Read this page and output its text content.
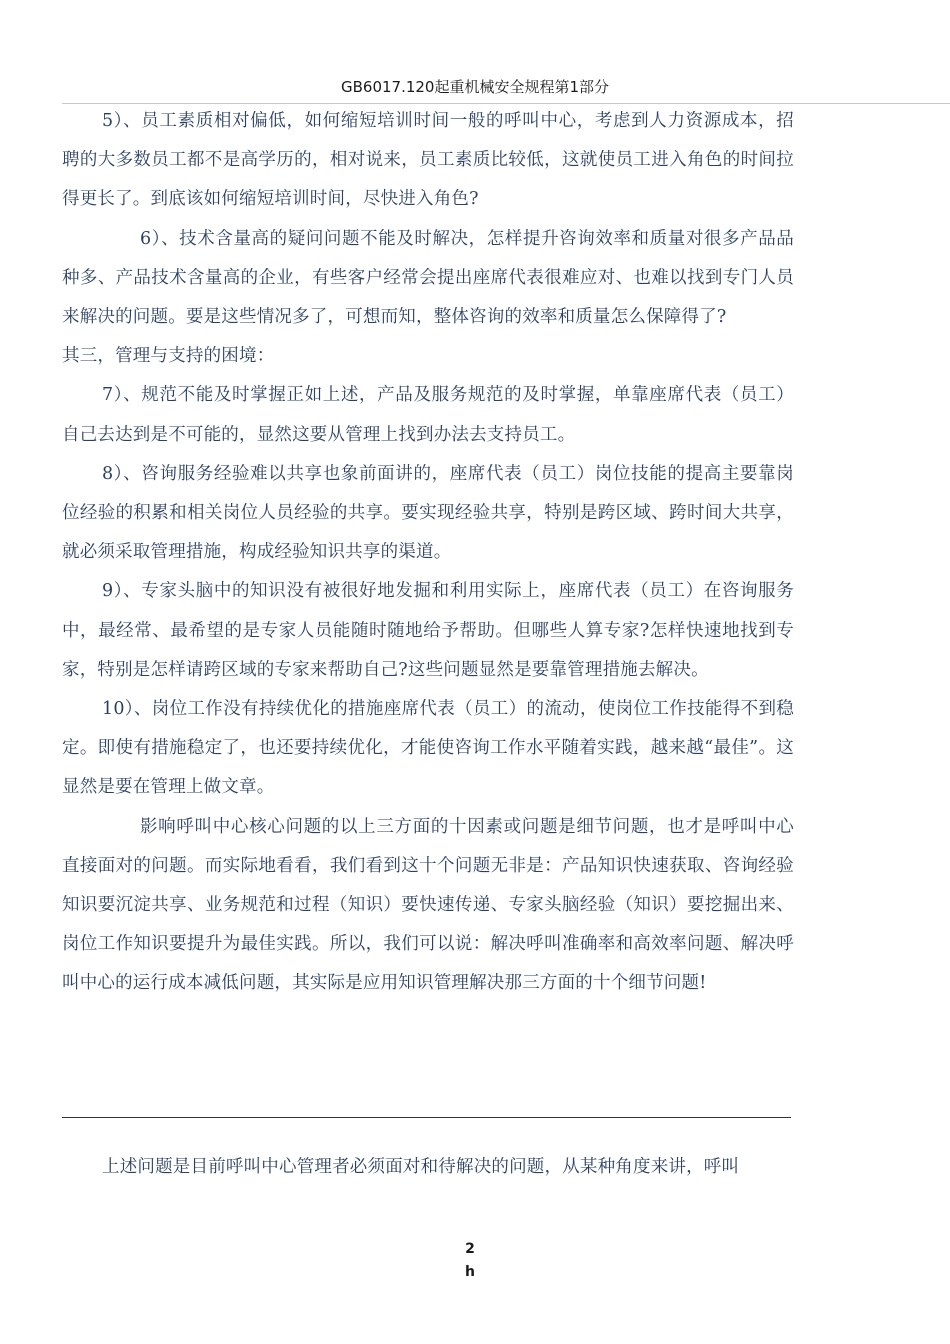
GB6017.120起重机械安全规程第1部分

5）、员工素质相对偏低，如何缩短培训时间一般的呼叫中心，考虑到人力资源成本，招聘的大多数员工都不是高学历的，相对说来，员工素质比较低，这就使员工进入角色的时间拉得更长了。到底该如何缩短培训时间，尽快进入角色?

6）、技术含量高的疑问问题不能及时解决，怎样提升咨询效率和质量对很多产品品种多、产品技术含量高的企业，有些客户经常会提出座席代表很难应对、也难以找到专门人员来解决的问题。要是这些情况多了，可想而知，整体咨询的效率和质量怎么保障得了?

其三，管理与支持的困境：

7）、规范不能及时掌握正如上述，产品及服务规范的及时掌握，单靠座席代表（员工）自己去达到是不可能的，显然这要从管理上找到办法去支持员工。

8）、咨询服务经验难以共享也象前面讲的，座席代表（员工）岗位技能的提高主要靠岗位经验的积累和相关岗位人员经验的共享。要实现经验共享，特别是跨区域、跨时间大共享，就必须采取管理措施，构成经验知识共享的渠道。

9）、专家头脑中的知识没有被很好地发掘和利用实际上，座席代表（员工）在咨询服务中，最经常、最希望的是专家人员能随时随地给予帮助。但哪些人算专家?怎样快速地找到专家，特别是怎样请跨区域的专家来帮助自己?这些问题显然是要靠管理措施去解决。

10）、岗位工作没有持续优化的措施座席代表（员工）的流动，使岗位工作技能得不到稳定。即使有措施稳定了，也还要持续优化，才能使咨询工作水平随着实践，越来越“最佳”。这显然是要在管理上做文章。

影响呼叫中心核心问题的以上三方面的十因素或问题是细节问题，也才是呼叫中心直接面对的问题。而实际地看看，我们看到这十个问题无非是：产品知识快速获取、咨询经验知识要沉淀共享、业务规范和过程（知识）要快速传递、专家头脑经验（知识）要挖掘出来、岗位工作知识要提升为最佳实践。所以，我们可以说：解决呼叫准确率和高效率问题、解决呼叫中心的运行成本减低问题，其实际是应用知识管理解决那三方面的十个细节问题!

上述问题是目前呼叫中心管理者必须面对和待解决的问题，从某种角度来讲，呼叫

2
h
